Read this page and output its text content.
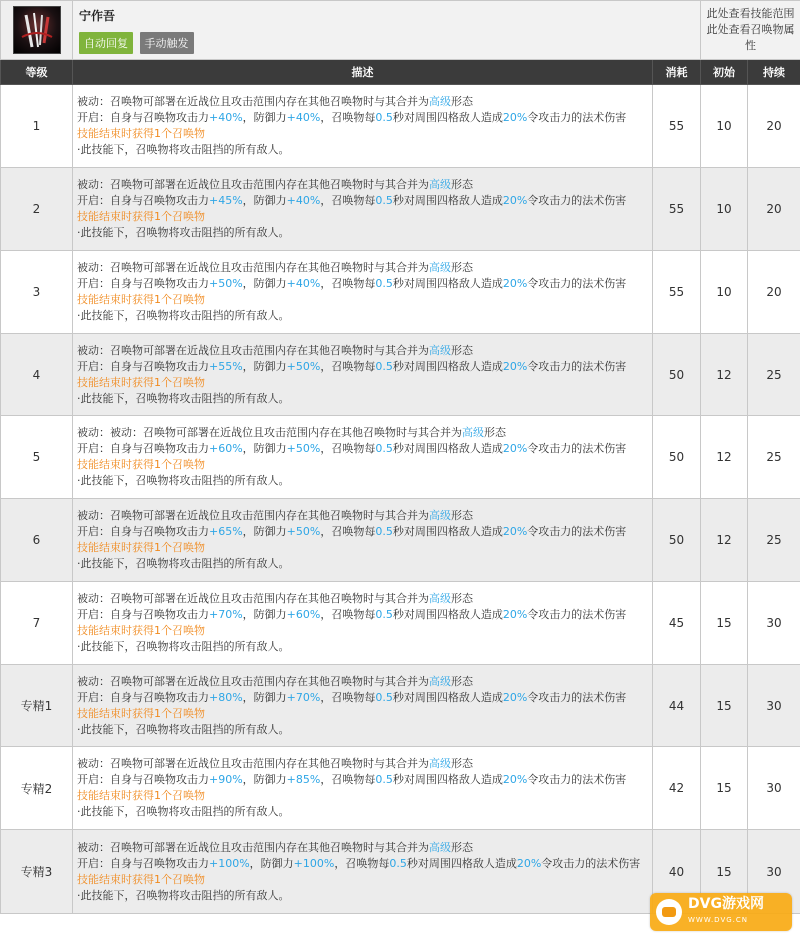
宁作吾
自动回复 手动触发		此处查看技能范围此处查看召唤物属性	
等级	描述	消耗	初始	持续
1	被动：召唤物可部署在近战位且攻击范围内存在其他召唤物时与其合并为高级形态
开启：自身与召唤物攻击力+40%，防御力+40%，召唤物每0.5秒对周围四格敌人造成20%令攻击力的法术伤害
技能结束时获得1个召唤物
·此技能下，召唤物将攻击阻挡的所有敌人。	55	10	20
2	被动：召唤物可部署在近战位且攻击范围内存在其他召唤物时与其合并为高级形态
开启：自身与召唤物攻击力+45%，防御力+40%，召唤物每0.5秒对周围四格敌人造成20%令攻击力的法术伤害
技能结束时获得1个召唤物
·此技能下，召唤物将攻击阻挡的所有敌人。	55	10	20
3	被动：召唤物可部署在近战位且攻击范围内存在其他召唤物时与其合并为高级形态
开启：自身与召唤物攻击力+50%，防御力+40%，召唤物每0.5秒对周围四格敌人造成20%令攻击力的法术伤害
技能结束时获得1个召唤物
·此技能下，召唤物将攻击阻挡的所有敌人。	55	10	20
4	被动：召唤物可部署在近战位且攻击范围内存在其他召唤物时与其合并为高级形态
开启：自身与召唤物攻击力+55%，防御力+50%，召唤物每0.5秒对周围四格敌人造成20%令攻击力的法术伤害
技能结束时获得1个召唤物
·此技能下，召唤物将攻击阻挡的所有敌人。	50	12	25
5	被动：被动：召唤物可部署在近战位且攻击范围内存在其他召唤物时与其合并为高级形态
开启：自身与召唤物攻击力+60%，防御力+50%，召唤物每0.5秒对周围四格敌人造成20%令攻击力的法术伤害
技能结束时获得1个召唤物
·此技能下，召唤物将攻击阻挡的所有敌人。	50	12	25
6	被动：召唤物可部署在近战位且攻击范围内存在其他召唤物时与其合并为高级形态
开启：自身与召唤物攻击力+65%，防御力+50%，召唤物每0.5秒对周围四格敌人造成20%令攻击力的法术伤害
技能结束时获得1个召唤物
·此技能下，召唤物将攻击阻挡的所有敌人。	50	12	25
7	被动：召唤物可部署在近战位且攻击范围内存在其他召唤物时与其合并为高级形态
开启：自身与召唤物攻击力+70%，防御力+60%，召唤物每0.5秒对周围四格敌人造成20%令攻击力的法术伤害
技能结束时获得1个召唤物
·此技能下，召唤物将攻击阻挡的所有敌人。	45	15	30
专精1	被动：召唤物可部署在近战位且攻击范围内存在其他召唤物时与其合并为高级形态
开启：自身与召唤物攻击力+80%，防御力+70%，召唤物每0.5秒对周围四格敌人造成20%令攻击力的法术伤害
技能结束时获得1个召唤物
·此技能下，召唤物将攻击阻挡的所有敌人。	44	15	30
专精2	被动：召唤物可部署在近战位且攻击范围内存在其他召唤物时与其合并为高级形态
开启：自身与召唤物攻击力+90%，防御力+85%，召唤物每0.5秒对周围四格敌人造成20%令攻击力的法术伤害
技能结束时获得1个召唤物
·此技能下，召唤物将攻击阻挡的所有敌人。	42	15	30
专精3	被动：召唤物可部署在近战位且攻击范围内存在其他召唤物时与其合并为高级形态
开启：自身与召唤物攻击力+100%，防御力+100%，召唤物每0.5秒对周围四格敌人造成20%令攻击力的法术伤害
技能结束时获得1个召唤物
·此技能下，召唤物将攻击阻挡的所有敌人。	40	15	30
DVG游戏网
WWW.DVG.CN
